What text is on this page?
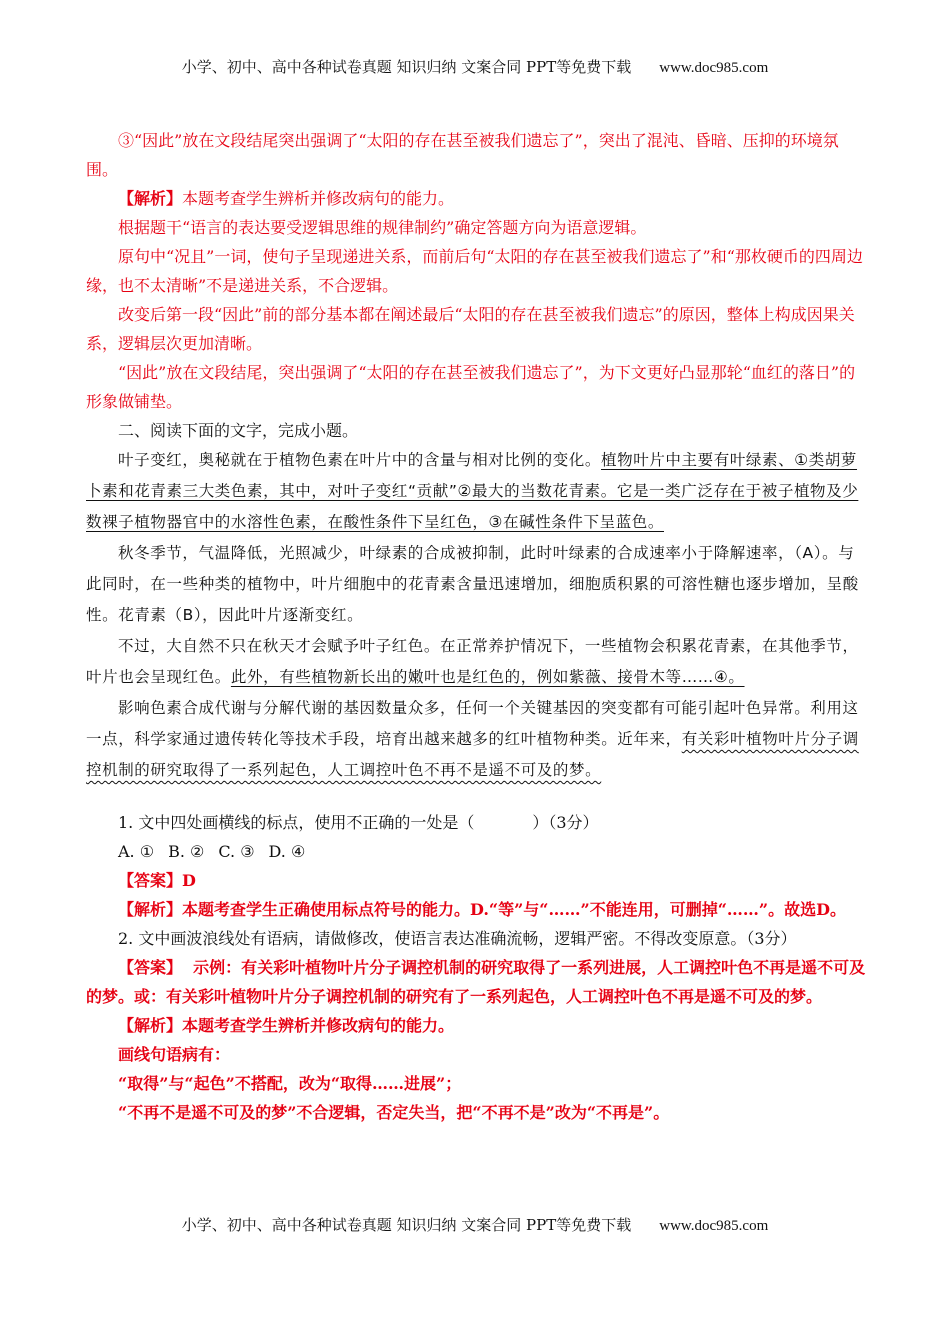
小学、初中、高中各种试卷真题 知识归纳 文案合同 PPT等免费下载 www.doc985.com

③“因此”放在文段结尾突出强调了“太阳的存在甚至被我们遗忘了”，突出了混沌、昏暗、压抑的环境氛围。

【解析】本题考查学生辨析并修改病句的能力。

根据题干“语言的表达要受逻辑思维的规律制约”确定答题方向为语意逻辑。

原句中“况且”一词，使句子呈现递进关系，而前后句“太阳的存在甚至被我们遗忘了”和“那枚硬币的四周边缘，也不太清晰”不是递进关系，不合逻辑。

改变后第一段“因此”前的部分基本都在阐述最后“太阳的存在甚至被我们遗忘”的原因，整体上构成因果关系，逻辑层次更加清晰。

“因此”放在文段结尾，突出强调了“太阳的存在甚至被我们遗忘了”，为下文更好凸显那轮“血红的落日”的形象做铺垫。

二、阅读下面的文字，完成小题。

叶子变红，奥秘就在于植物色素在叶片中的含量与相对比例的变化。植物叶片中主要有叶绿素、①类胡萝卜素和花青素三大类色素，其中，对叶子变红“贡献”②最大的当数花青素。它是一类广泛存在于被子植物及少数裸子植物器官中的水溶性色素，在酸性条件下呈红色，③在碱性条件下呈蓝色。

秋冬季节，气温降低，光照减少，叶绿素的合成被抑制，此时叶绿素的合成速率小于降解速率，（A）。与此同时，在一些种类的植物中，叶片细胞中的花青素含量迅速增加，细胞质积累的可溶性糖也逐步增加，呈酸性。花青素（B），因此叶片逐渐变红。

不过，大自然不只在秋天才会赋予叶子红色。在正常养护情况下，一些植物会积累花青素，在其他季节，叶片也会呈现红色。此外，有些植物新长出的嫩叶也是红色的，例如紫薇、接骨木等……④。

影响色素合成代谢与分解代谢的基因数量众多，任何一个关键基因的突变都有可能引起叶色异常。利用这一点，科学家通过遗传转化等技术手段，培育出越来越多的红叶植物种类。近年来，有关彩叶植物叶片分子调控机制的研究取得了一系列起色，人工调控叶色不再不是遥不可及的梦。

1. 文中四处画横线的标点，使用不正确的一处是（	）（3分）

A. ① B. ② C. ③ D. ④

【答案】D

【解析】本题考查学生正确使用标点符号的能力。D.“等”与“……”不能连用，可删掉“……”。故选D。

2. 文中画波浪线处有语病，请做修改，使语言表达准确流畅，逻辑严密。不得改变原意。（3分）

【答案】 示例：有关彩叶植物叶片分子调控机制的研究取得了一系列进展，人工调控叶色不再是遥不可及的梦。或：有关彩叶植物叶片分子调控机制的研究有了一系列起色，人工调控叶色不再是遥不可及的梦。

【解析】本题考查学生辨析并修改病句的能力。

画线句语病有：

“取得”与“起色”不搭配，改为“取得……进展”；

“不再不是遥不可及的梦”不合逻辑，否定失当，把“不再不是”改为“不再是”。

小学、初中、高中各种试卷真题 知识归纳 文案合同 PPT等免费下载 www.doc985.com
